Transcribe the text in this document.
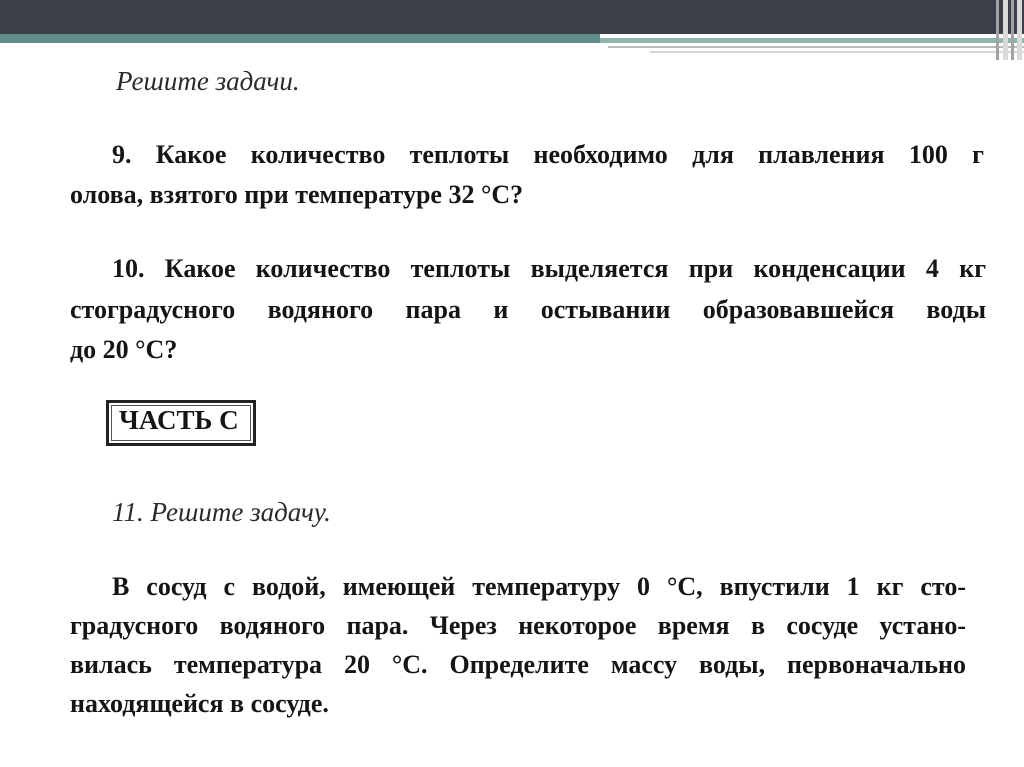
Решите задачи.
9. Какое количество теплоты необходимо для плавления 100 г
олова, взятого при температуре 32 °С?
10. Какое количество теплоты выделяется при конденсации 4 кг
стоградусного водяного пара и остывании образовавшейся воды
до 20 °С?
ЧАСТЬ С
11. Решите задачу.
В сосуд с водой, имеющей температуру 0 °С, впустили 1 кг сто-
градусного водяного пара. Через некоторое время в сосуде устано-
вилась температура 20 °С. Определите массу воды, первоначально
находящейся в сосуде.
